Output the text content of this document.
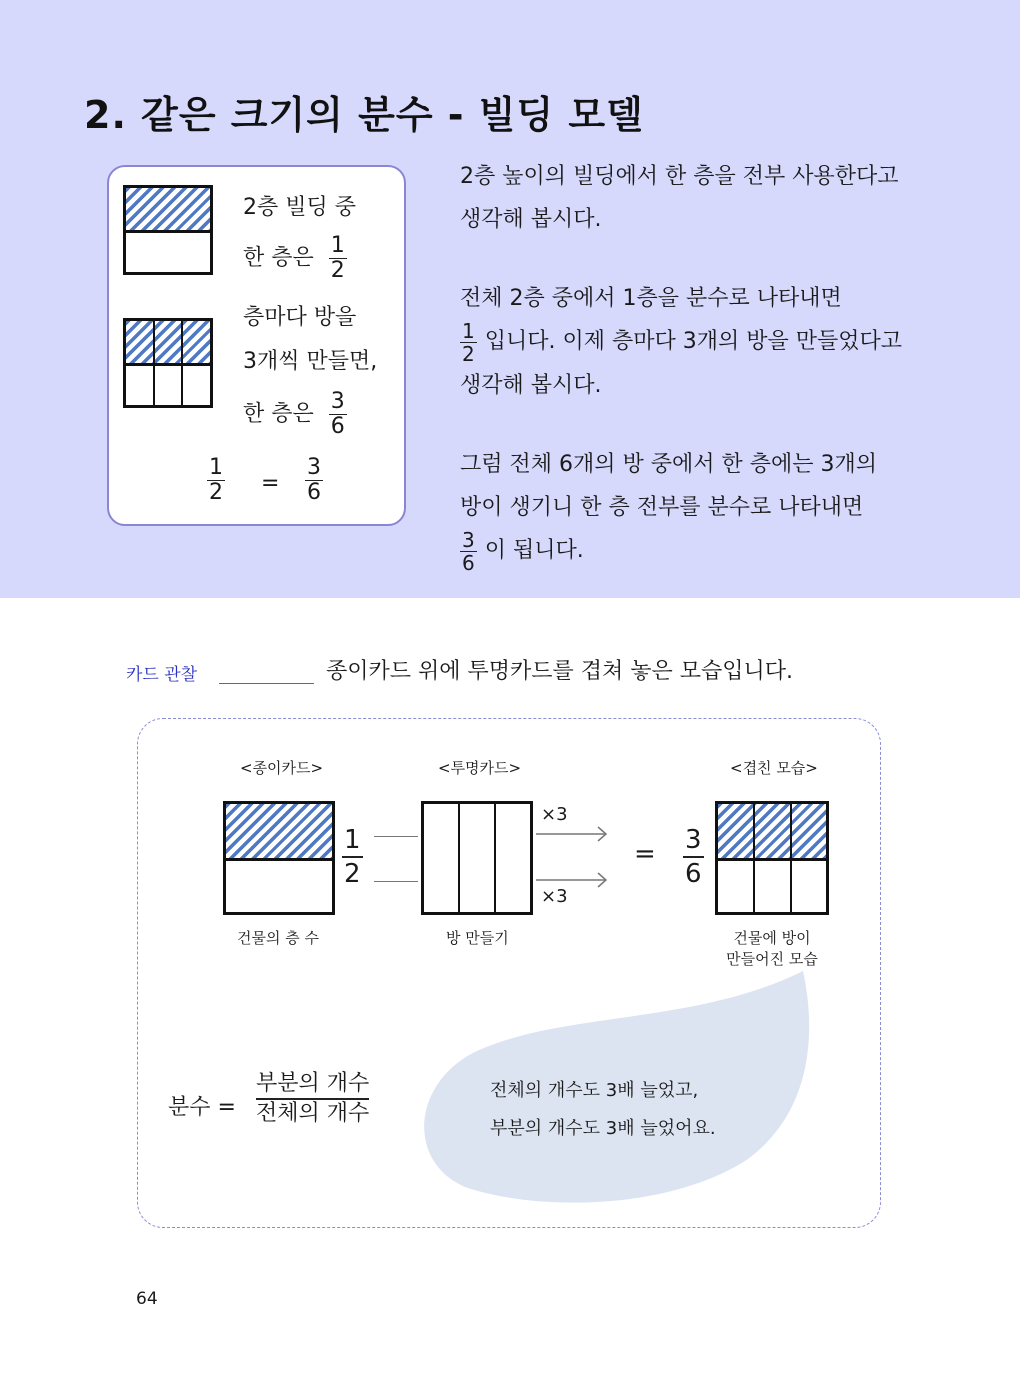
2. 같은 크기의 분수 - 빌딩 모델
2층 빌딩 중
한 층은 $\frac{1}{2}$
층마다 방을
3개씩 만들면,
한 층은 $\frac{3}{6}$
$\frac{1}{2} = \frac{3}{6}$
2층 높이의 빌딩에서 한 층을 전부 사용한다고
생각해 봅시다.
전체 2층 중에서 1층을 분수로 나타내면
$\frac{1}{2}$ 입니다. 이제 층마다 3개의 방을 만들었다고
생각해 봅시다.
그럼 전체 6개의 방 중에서 한 층에는 3개의
방이 생기니 한 층 전부를 분수로 나타내면
$\frac{3}{6}$ 이 됩니다.
카드 관찰	종이카드 위에 투명카드를 겹쳐 놓은 모습입니다.
<종이카드>	<투명카드>	<겹친 모습>
$\frac{1}{2}$
×3
×3
= $\frac{3}{6}$
건물의 층 수	방 만들기	건물에 방이
만들어진 모습
전체의 개수도 3배 늘었고,
부분의 개수도 3배 늘었어요.
분수 =
부분의 개수
전체의 개수
64
